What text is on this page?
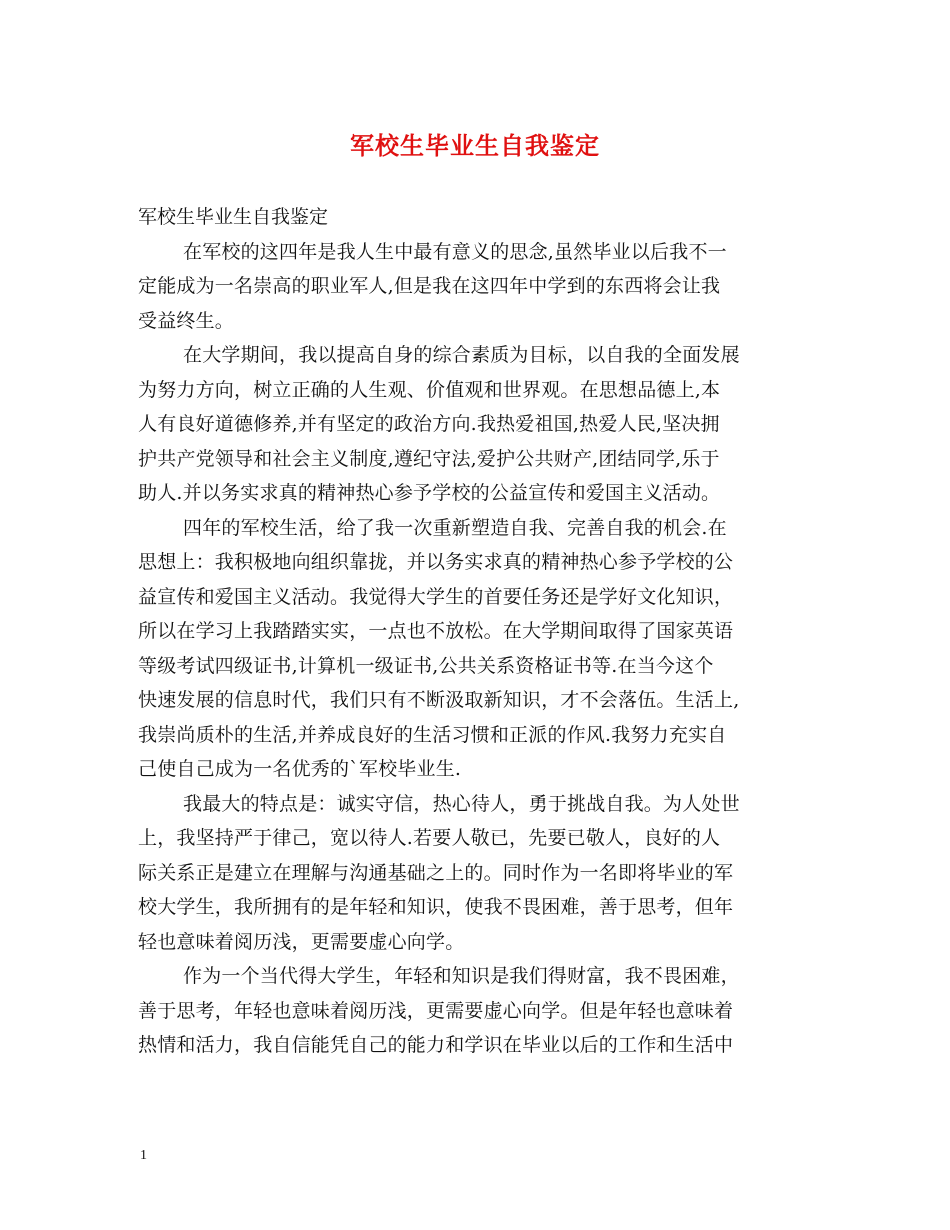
军校生毕业生自我鉴定
军校生毕业生自我鉴定
在军校的这四年是我人生中最有意义的思念,虽然毕业以后我不一
定能成为一名崇高的职业军人,但是我在这四年中学到的东西将会让我
受益终生。
在大学期间，我以提高自身的综合素质为目标，以自我的全面发展
为努力方向，树立正确的人生观、价值观和世界观。在思想品德上,本
人有良好道德修养,并有坚定的政治方向.我热爱祖国,热爱人民,坚决拥
护共产党领导和社会主义制度,遵纪守法,爱护公共财产,团结同学,乐于
助人.并以务实求真的精神热心参予学校的公益宣传和爱国主义活动。
四年的军校生活，给了我一次重新塑造自我、完善自我的机会.在
思想上：我积极地向组织靠拢，并以务实求真的精神热心参予学校的公
益宣传和爱国主义活动。我觉得大学生的首要任务还是学好文化知识，
所以在学习上我踏踏实实，一点也不放松。在大学期间取得了国家英语
等级考试四级证书,计算机一级证书,公共关系资格证书等.在当今这个
快速发展的信息时代，我们只有不断汲取新知识，才不会落伍。生活上,
我崇尚质朴的生活,并养成良好的生活习惯和正派的作风.我努力充实自
己使自己成为一名优秀的`军校毕业生.
我最大的特点是：诚实守信，热心待人，勇于挑战自我。为人处世
上，我坚持严于律己，宽以待人.若要人敬已，先要已敬人，良好的人
际关系正是建立在理解与沟通基础之上的。同时作为一名即将毕业的军
校大学生，我所拥有的是年轻和知识，使我不畏困难，善于思考，但年
轻也意味着阅历浅，更需要虚心向学。
作为一个当代得大学生，年轻和知识是我们得财富，我不畏困难，
善于思考，年轻也意味着阅历浅，更需要虚心向学。但是年轻也意味着
热情和活力，我自信能凭自己的能力和学识在毕业以后的工作和生活中
1
